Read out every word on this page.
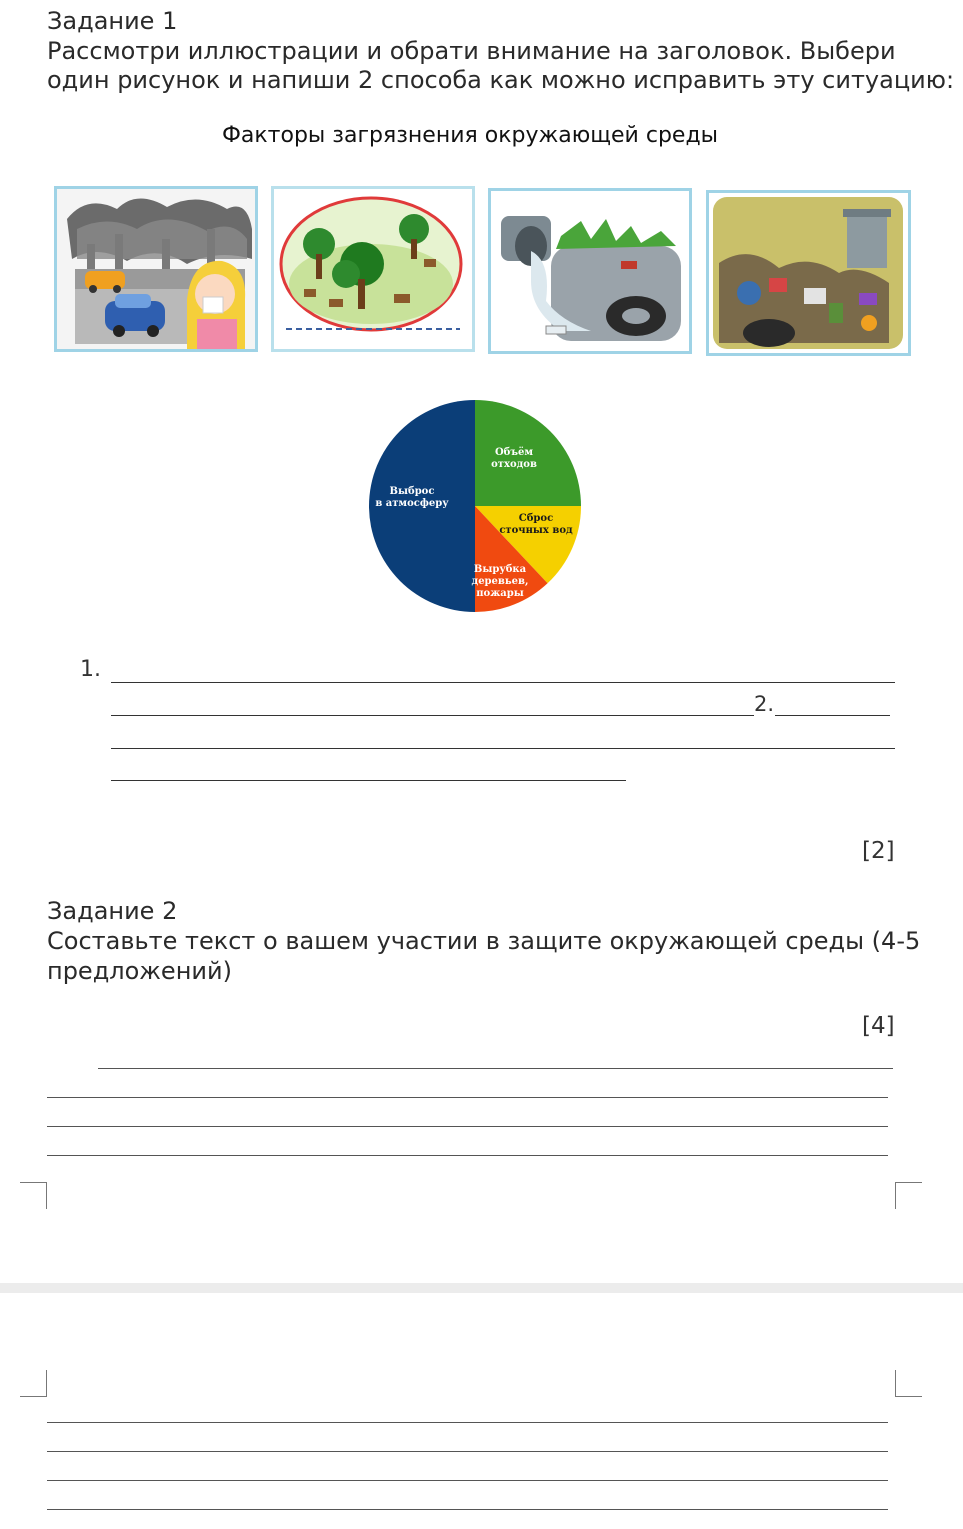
Задание 1
Рассмотри иллюстрации и обрати внимание на заголовок. Выбери
один рисунок и напиши 2 способа как можно исправить эту ситуацию:
Факторы загрязнения окружающей среды
Объём отходов
Сброс сточных вод
Вырубка деревьев, пожары
Выброс в атмосферу
1.
2.
[2]
Задание 2
Составьте текст о вашем участии в защите окружающей среды (4-5
предложений)
[4]
